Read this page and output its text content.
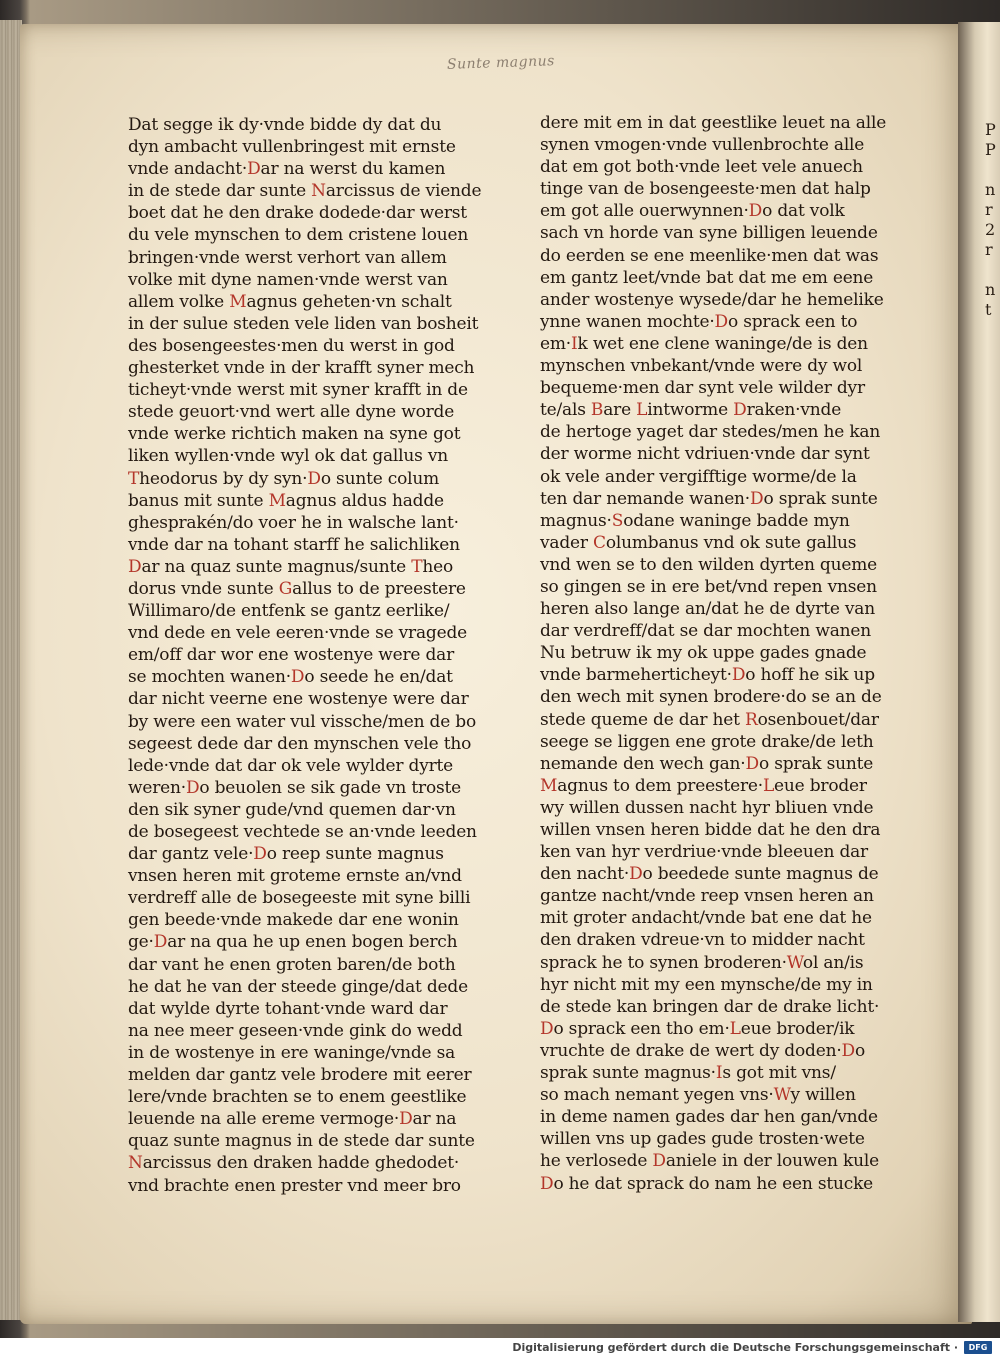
P
P

n
r
2
r

n
t
Sunte magnus
Dat segge ik dy·vnde bidde dy dat du
dyn ambacht vullenbringest mit ernste
vnde andacht·Dar na werst du kamen
in de stede dar sunte Narcissus de viende
boet dat he den drake dodede·dar werst
du vele mynschen to dem cristene louen
bringen·vnde werst verhort van allem
volke mit dyne namen·vnde werst van
allem volke Magnus geheten·vn schalt
in der sulue steden vele liden van bosheit
des bosengeestes·men du werst in god
ghesterket vnde in der krafft syner mech
ticheyt·vnde werst mit syner krafft in de
stede geuort·vnd wert alle dyne worde
vnde werke richtich maken na syne got
liken wyllen·vnde wyl ok dat gallus vn
Theodorus by dy syn·Do sunte colum
banus mit sunte Magnus aldus hadde
ghesprakén/do voer he in walsche lant·
vnde dar na tohant starff he salichliken
Dar na quaz sunte magnus/sunte Theo
dorus vnde sunte Gallus to de preestere
Willimaro/de entfenk se gantz eerlike/
vnd dede en vele eeren·vnde se vragede
em/off dar wor ene wostenye were dar
se mochten wanen·Do seede he en/dat
dar nicht veerne ene wostenye were dar
by were een water vul vissche/men de bo
segeest dede dar den mynschen vele tho
lede·vnde dat dar ok vele wylder dyrte
weren·Do beuolen se sik gade vn troste
den sik syner gude/vnd quemen dar·vn
de bosegeest vechtede se an·vnde leeden
dar gantz vele·Do reep sunte magnus
vnsen heren mit groteme ernste an/vnd
verdreff alle de bosegeeste mit syne billi
gen beede·vnde makede dar ene wonin
ge·Dar na qua he up enen bogen berch
dar vant he enen groten baren/de both
he dat he van der steede ginge/dat dede
dat wylde dyrte tohant·vnde ward dar
na nee meer geseen·vnde gink do wedd
in de wostenye in ere waninge/vnde sa
melden dar gantz vele brodere mit eerer
lere/vnde brachten se to enem geestlike
leuende na alle ereme vermoge·Dar na
quaz sunte magnus in de stede dar sunte
Narcissus den draken hadde ghedodet·
vnd brachte enen prester vnd meer bro
dere mit em in dat geestlike leuet na alle
synen vmogen·vnde vullenbrochte alle
dat em got both·vnde leet vele anuech
tinge van de bosengeeste·men dat halp
em got alle ouerwynnen·Do dat volk
sach vn horde van syne billigen leuende
do eerden se ene meenlike·men dat was
em gantz leet/vnde bat dat me em eene
ander wostenye wysede/dar he hemelike
ynne wanen mochte·Do sprack een to
em·Ik wet ene clene waninge/de is den
mynschen vnbekant/vnde were dy wol
bequeme·men dar synt vele wilder dyr
te/als Bare Lintworme Draken·vnde
de hertoge yaget dar stedes/men he kan
der worme nicht vdriuen·vnde dar synt
ok vele ander vergifftige worme/de la
ten dar nemande wanen·Do sprak sunte
magnus·Sodane waninge badde myn
vader Columbanus vnd ok sute gallus
vnd wen se to den wilden dyrten queme
so gingen se in ere bet/vnd repen vnsen
heren also lange an/dat he de dyrte van
dar verdreff/dat se dar mochten wanen
Nu betruw ik my ok uppe gades gnade
vnde barmeherticheyt·Do hoff he sik up
den wech mit synen brodere·do se an de
stede queme de dar het Rosenbouet/dar
seege se liggen ene grote drake/de leth
nemande den wech gan·Do sprak sunte
Magnus to dem preestere·Leue broder
wy willen dussen nacht hyr bliuen vnde
willen vnsen heren bidde dat he den dra
ken van hyr verdriue·vnde bleeuen dar
den nacht·Do beedede sunte magnus de
gantze nacht/vnde reep vnsen heren an
mit groter andacht/vnde bat ene dat he
den draken vdreue·vn to midder nacht
sprack he to synen broderen·Wol an/is
hyr nicht mit my een mynsche/de my in
de stede kan bringen dar de drake licht·
Do sprack een tho em·Leue broder/ik
vruchte de drake de wert dy doden·Do
sprak sunte magnus·Is got mit vns/
so mach nemant yegen vns·Wy willen
in deme namen gades dar hen gan/vnde
willen vns up gades gude trosten·wete
he verlosede Daniele in der louwen kule
Do he dat sprack do nam he een stucke
Digitalisierung gefördert durch die Deutsche Forschungsgemeinschaft ·	DFG
